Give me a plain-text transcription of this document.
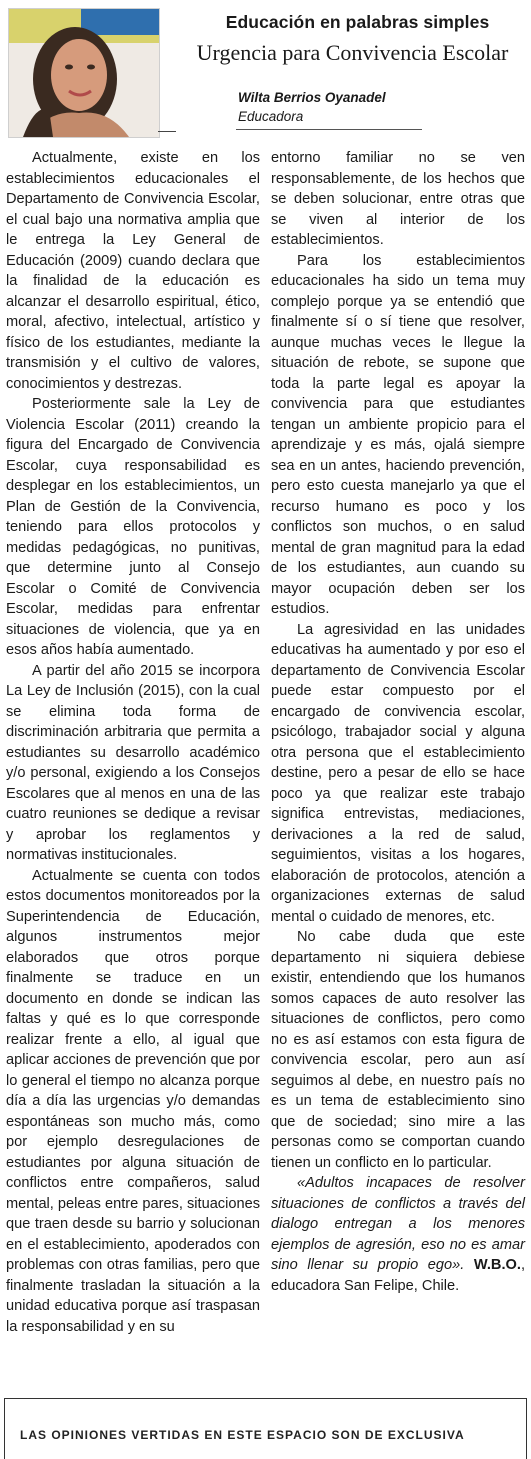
Educación en palabras simples
Urgencia para Convivencia Escolar
Wilta Berrios Oyanadel
Educadora

Actualmente, existe en los establecimientos educacionales el Departamento de Convivencia Escolar, el cual bajo una normativa amplia que le entrega la Ley General de Educación (2009) cuando declara que la finalidad de la educación es alcanzar el desarrollo espiritual, ético, moral, afectivo, intelectual, artístico y físico de los estudiantes, mediante la transmisión y el cultivo de valores, conocimientos y destrezas.

Posteriormente sale la Ley de Violencia Escolar (2011) creando la figura del Encargado de Convivencia Escolar, cuya responsabilidad es desplegar en los establecimientos, un Plan de Gestión de la Convivencia, teniendo para ellos protocolos y medidas pedagógicas, no punitivas, que determine junto al Consejo Escolar o Comité de Convivencia Escolar, medidas para enfrentar situaciones de violencia, que ya en esos años había aumentado.

A partir del año 2015 se incorpora La Ley de Inclusión (2015), con la cual se elimina toda forma de discriminación arbitraria que permita a estudiantes su desarrollo académico y/o personal, exigiendo a los Consejos Escolares que al menos en una de las cuatro reuniones se dedique a revisar y aprobar los reglamentos y normativas institucionales.

Actualmente se cuenta con todos estos documentos monitoreados por la Superintendencia de Educación, algunos instrumentos mejor elaborados que otros porque finalmente se traduce en un documento en donde se indican las faltas y qué es lo que corresponde realizar frente a ello, al igual que aplicar acciones de prevención que por lo general el tiempo no alcanza porque día a día las urgencias y/o demandas espontáneas son mucho más, como por ejemplo desregulaciones de estudiantes por alguna situación de conflictos entre compañeros, salud mental, peleas entre pares, situaciones que traen desde su barrio y solucionan en el establecimiento, apoderados con problemas con otras familias, pero que finalmente trasladan la situación a la unidad educativa porque así traspasan la responsabilidad y en su

entorno familiar no se ven responsablemente, de los hechos que se deben solucionar, entre otras que se viven al interior de los establecimientos.

Para los establecimientos educacionales ha sido un tema muy complejo porque ya se entendió que finalmente sí o sí tiene que resolver, aunque muchas veces le llegue la situación de rebote, se supone que toda la parte legal es apoyar la convivencia para que estudiantes tengan un ambiente propicio para el aprendizaje y es más, ojalá siempre sea en un antes, haciendo prevención, pero esto cuesta manejarlo ya que el recurso humano es poco y los conflictos son muchos, o en salud mental de gran magnitud para la edad de los estudiantes, aun cuando su mayor ocupación deben ser los estudios.

La agresividad en las unidades educativas ha aumentado y por eso el departamento de Convivencia Escolar puede estar compuesto por el encargado de convivencia escolar, psicólogo, trabajador social y alguna otra persona que el establecimiento destine, pero a pesar de ello se hace poco ya que realizar este trabajo significa entrevistas, mediaciones, derivaciones a la red de salud, seguimientos, visitas a los hogares, elaboración de protocolos, atención a organizaciones externas de salud mental o cuidado de menores, etc.

No cabe duda que este departamento ni siquiera debiese existir, entendiendo que los humanos somos capaces de auto resolver las situaciones de conflictos, pero como no es así estamos con esta figura de convivencia escolar, pero aun así seguimos al debe, en nuestro país no es un tema de establecimiento sino que de sociedad; sino mire a las personas como se comportan cuando tienen un conflicto en lo particular.

«Adultos incapaces de resolver situaciones de conflictos a través del dialogo entregan a los menores ejemplos de agresión, eso no es amar sino llenar su propio ego». W.B.O., educadora San Felipe, Chile.

LAS OPINIONES VERTIDAS EN ESTE ESPACIO SON DE EXCLUSIVA
